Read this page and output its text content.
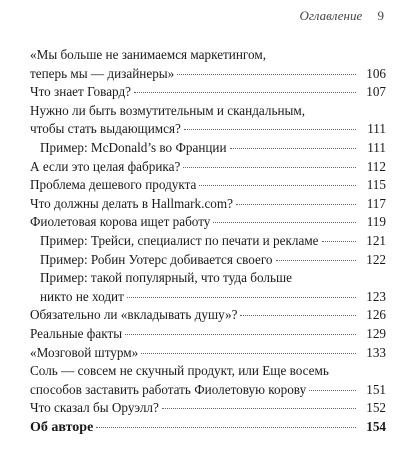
Оглавление 9
«Мы больше не занимаемся маркетингом,
теперь мы — дизайнеры»	106
Что знает Говард?	107
Нужно ли быть возмутительным и скандальным,
чтобы стать выдающимся?	111
Пример: McDonald’s во Франции	111
А если это целая фабрика?	112
Проблема дешевого продукта	115
Что должны делать в Hallmark.com?	117
Фиолетовая корова ищет работу	119
Пример: Трейси, специалист по печати и рекламе	121
Пример: Робин Уотерс добивается своего	122
Пример: такой популярный, что туда больше
никто не ходит	123
Обязательно ли «вкладывать душу»?	126
Реальные факты	129
«Мозговой штурм»	133
Соль — совсем не скучный продукт, или Еще восемь
способов заставить работать Фиолетовую корову	151
Что сказал бы Оруэлл?	152
Об авторе	154
